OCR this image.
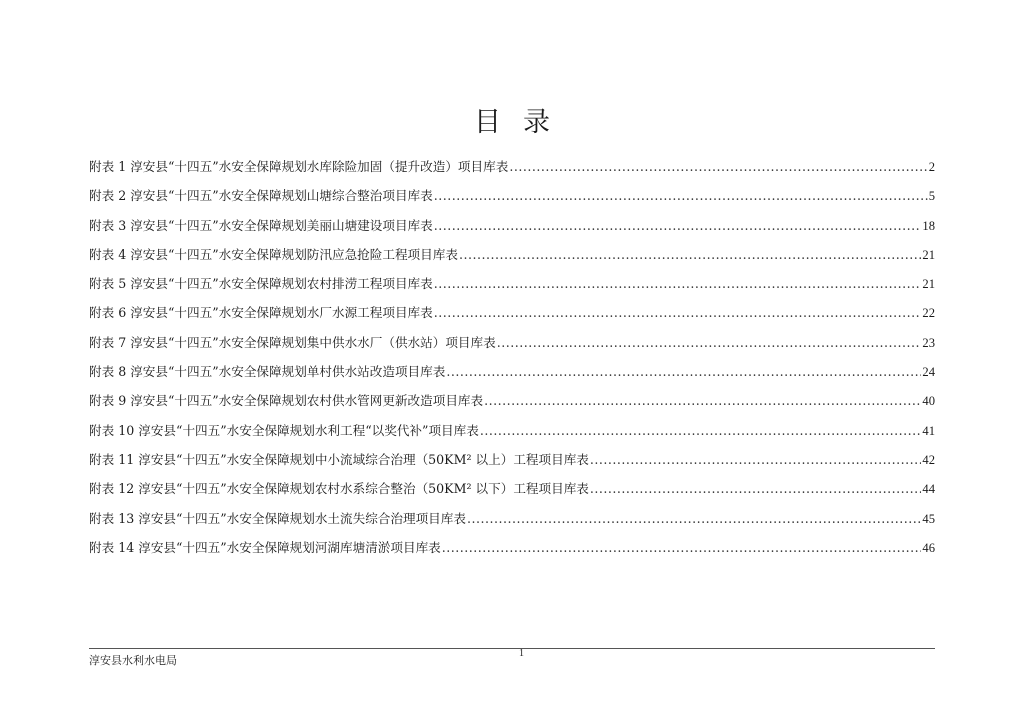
目录
附表 1 淳安县“十四五”水安全保障规划水库除险加固（提升改造）项目库表 .....	2
附表 2 淳安县“十四五”水安全保障规划山塘综合整治项目库表 .....	5
附表 3 淳安县“十四五”水安全保障规划美丽山塘建设项目库表 .....	18
附表 4 淳安县“十四五”水安全保障规划防汛应急抢险工程项目库表 .....	21
附表 5 淳安县“十四五”水安全保障规划农村排涝工程项目库表 .....	21
附表 6 淳安县“十四五”水安全保障规划水厂水源工程项目库表 .....	22
附表 7 淳安县“十四五”水安全保障规划集中供水水厂（供水站）项目库表 .....	23
附表 8 淳安县“十四五”水安全保障规划单村供水站改造项目库表 .....	24
附表 9 淳安县“十四五”水安全保障规划农村供水管网更新改造项目库表 .....	40
附表 10 淳安县“十四五”水安全保障规划水利工程“以奖代补”项目库表 .....	41
附表 11 淳安县“十四五”水安全保障规划中小流域综合治理（50KM² 以上）工程项目库表 .....	42
附表 12 淳安县“十四五”水安全保障规划农村水系综合整治（50KM² 以下）工程项目库表 .....	44
附表 13 淳安县“十四五”水安全保障规划水土流失综合治理项目库表 .....	45
附表 14 淳安县“十四五”水安全保障规划河湖库塘清淤项目库表 .....	46
淳安县水利水电局
1
